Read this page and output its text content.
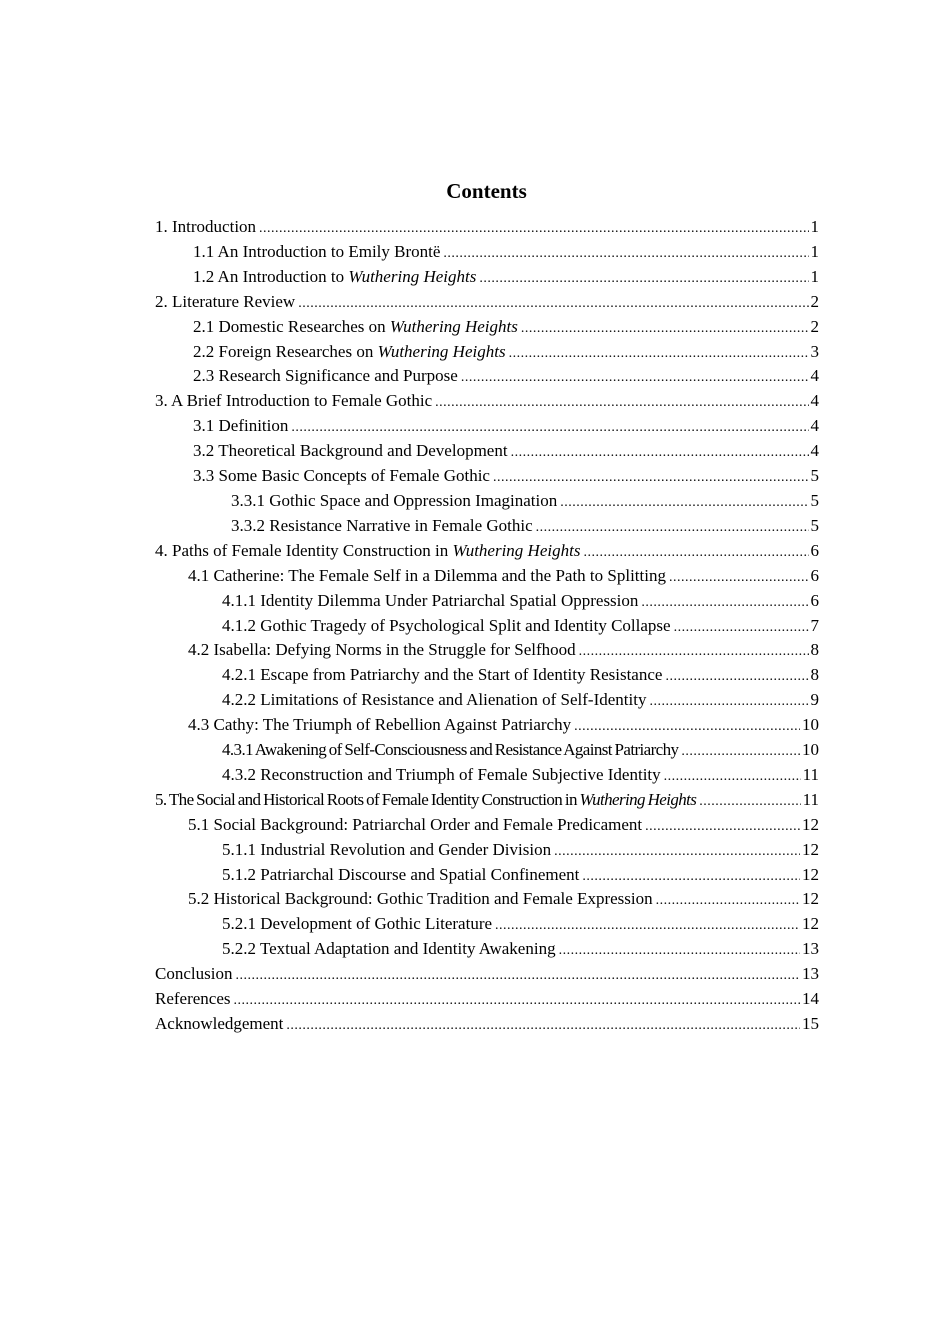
Contents
1. Introduction .....	1
1.1 An Introduction to Emily Brontë .....	1
1.2 An Introduction to Wuthering Heights .....	1
2. Literature Review .....	2
2.1 Domestic Researches on Wuthering Heights .....	2
2.2 Foreign Researches on Wuthering Heights .....	3
2.3 Research Significance and Purpose .....	4
3. A Brief Introduction to Female Gothic .....	4
3.1 Definition .....	4
3.2 Theoretical Background and Development .....	4
3.3 Some Basic Concepts of Female Gothic .....	5
3.3.1 Gothic Space and Oppression Imagination .....	5
3.3.2 Resistance Narrative in Female Gothic .....	5
4. Paths of Female Identity Construction in Wuthering Heights .....	6
4.1 Catherine: The Female Self in a Dilemma and the Path to Splitting .....	6
4.1.1 Identity Dilemma Under Patriarchal Spatial Oppression .....	6
4.1.2 Gothic Tragedy of Psychological Split and Identity Collapse .....	7
4.2 Isabella: Defying Norms in the Struggle for Selfhood .....	8
4.2.1 Escape from Patriarchy and the Start of Identity Resistance .....	8
4.2.2 Limitations of Resistance and Alienation of Self-Identity .....	9
4.3 Cathy: The Triumph of Rebellion Against Patriarchy .....	10
4.3.1 Awakening of Self-Consciousness and Resistance Against Patriarchy .....	10
4.3.2 Reconstruction and Triumph of Female Subjective Identity .....	11
5. The Social and Historical Roots of Female Identity Construction in Wuthering Heights .....	11
5.1 Social Background: Patriarchal Order and Female Predicament .....	12
5.1.1 Industrial Revolution and Gender Division .....	12
5.1.2 Patriarchal Discourse and Spatial Confinement .....	12
5.2 Historical Background: Gothic Tradition and Female Expression .....	12
5.2.1 Development of Gothic Literature .....	12
5.2.2 Textual Adaptation and Identity Awakening .....	13
Conclusion .....	13
References .....	14
Acknowledgement .....	15
